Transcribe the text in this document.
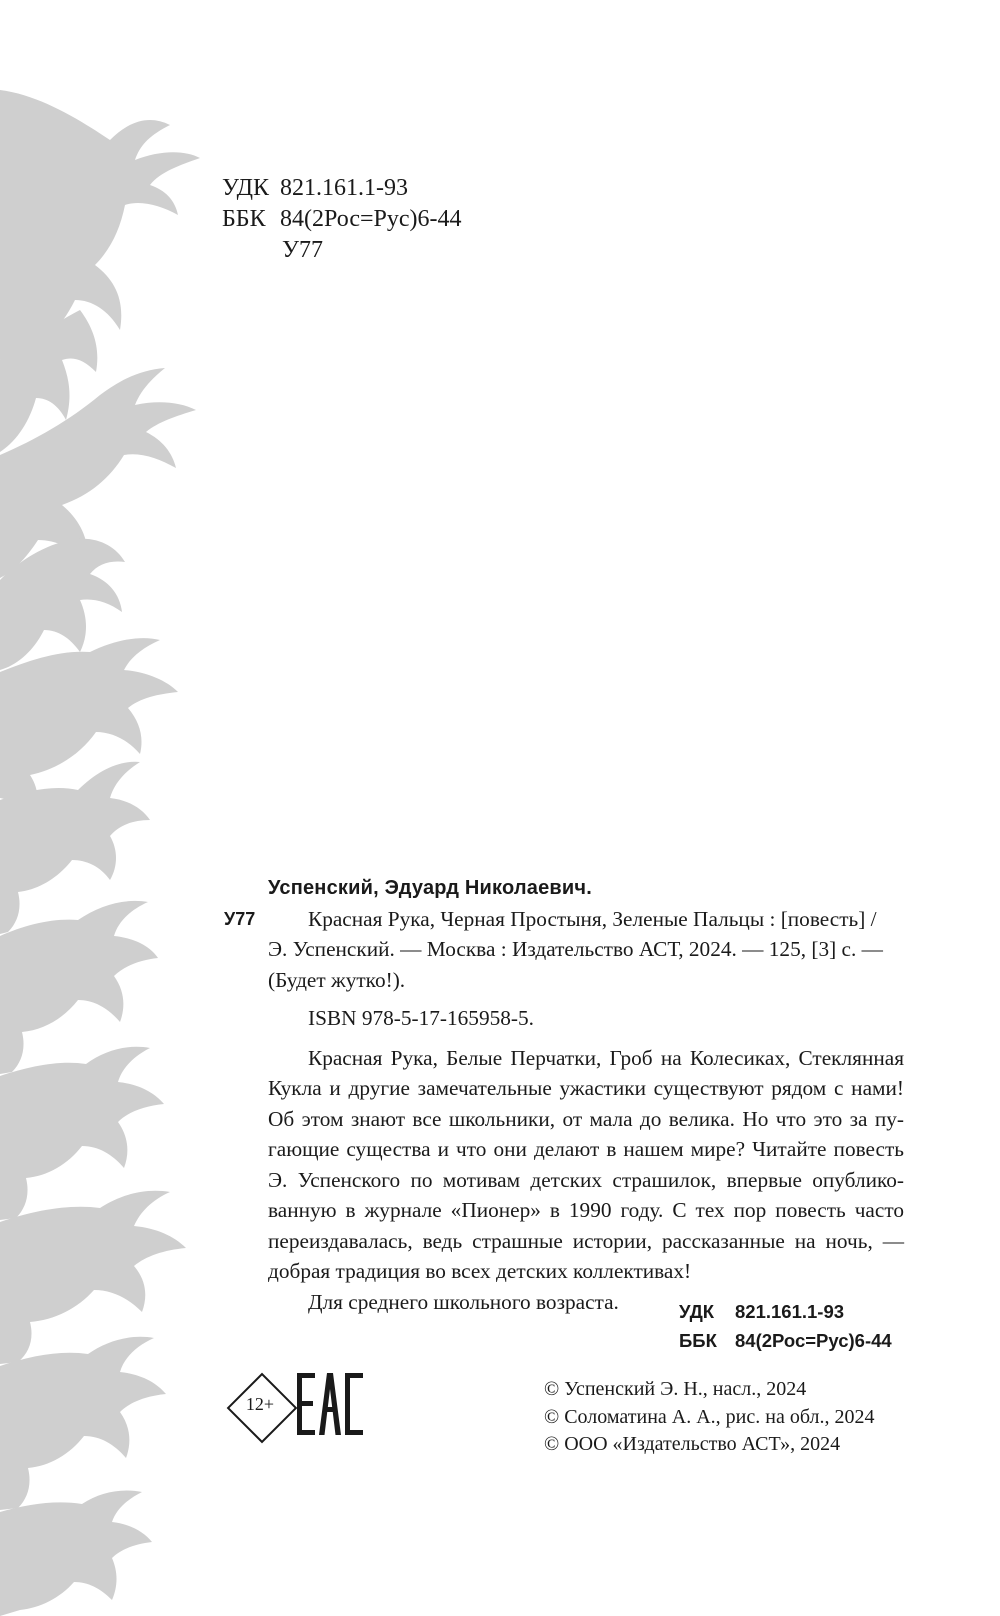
УДК 821.161.1-93
ББК 84(2Рос=Рус)6-44
У77
Успенский, Эдуард Николаевич.
У77 Красная Рука, Черная Простыня, Зеленые Пальцы : [повесть] /
Э. Успенский. — Москва : Издательство АСТ, 2024. — 125, [3] с. —
(Будет жутко!).
ISBN 978-5-17-165958-5.
Красная Рука, Белые Перчатки, Гроб на Колесиках, Стеклянная
Кукла и другие замечательные ужастики существуют рядом с нами!
Об этом знают все школьники, от мала до велика. Но что это за пу-
гающие существа и что они делают в нашем мире? Читайте повесть
Э. Успенского по мотивам детских страшилок, впервые опублико-
ванную в журнале «Пионер» в 1990 году. С тех пор повесть часто
переиздавалась, ведь страшные истории, рассказанные на ночь, —
добрая традиция во всех детских коллективах!
Для среднего школьного возраста.	УДК 821.161.1-93
ББК 84(2Рос=Рус)6-44
12+
© Успенский Э. Н., насл., 2024
© Соломатина А. А., рис. на обл., 2024
© ООО «Издательство АСТ», 2024
